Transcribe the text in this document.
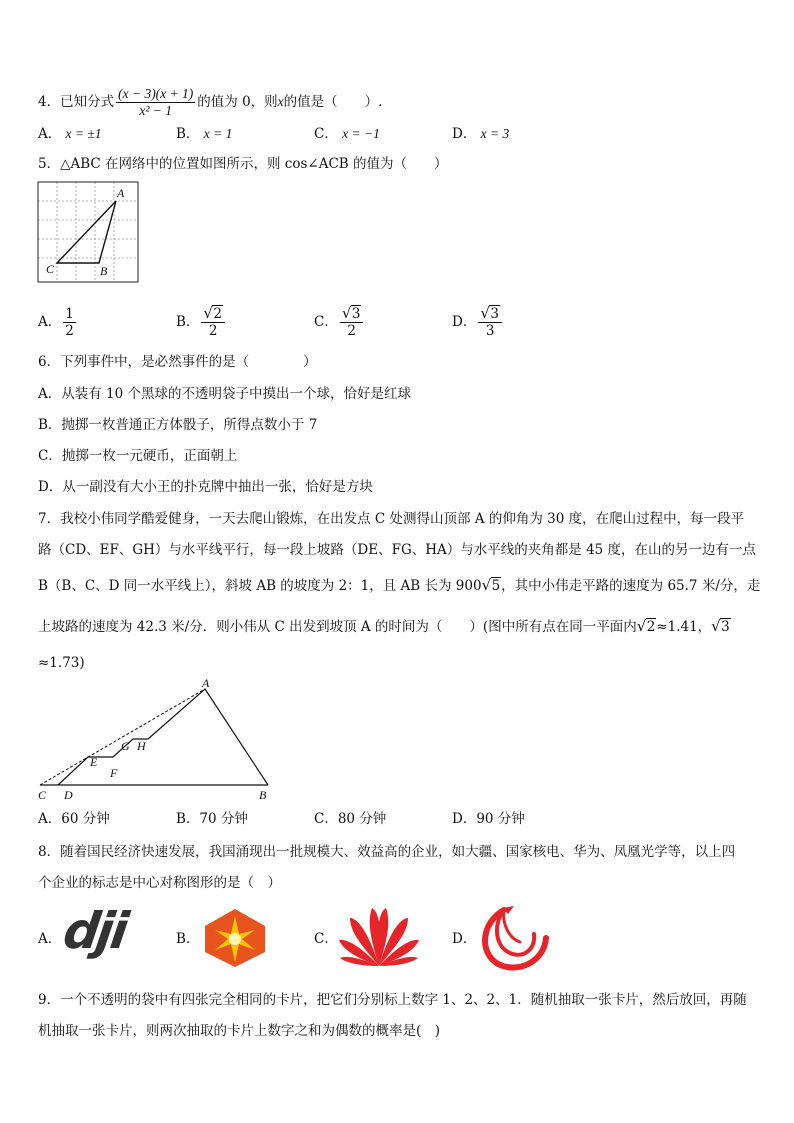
4．已知分式 $\frac{(x - 3)(x + 1)}{\text{x² − 1}}$ 的值为 0，则x的值是（　　）.
A． x = ±1	B． x = 1	C． x = −1	D． x = 3
5．△ABC 在网络中的位置如图所示，则 cos∠ACB 的值为（　　）
A
B
C
A． $\frac{1}{2}$	B． √ $\frac{2}{2}$	C． √ $\frac{3}{2}$	D． √ $\frac{3}{3}$
6．下列事件中，是必然事件的是（　　　　）
A．从装有 10 个黑球的不透明袋子中摸出一个球，恰好是红球
B．抛掷一枚普通正方体骰子，所得点数小于 7
C．抛掷一枚一元硬币，正面朝上
D．从一副没有大小王的扑克牌中抽出一张，恰好是方块
7．我校小伟同学酷爱健身，一天去爬山锻炼，在出发点 C 处测得山顶部 A 的仰角为 30 度，在爬山过程中，每一段平
路（CD、EF、GH）与水平线平行，每一段上坡路（DE、FG、HA）与水平线的夹角都是 45 度，在山的另一边有一点
B（B、C、D 同一水平线上），斜坡 AB 的坡度为 2：1，且 AB 长为 900 √ 5，其中小伟走平路的速度为 65.7 米/分，走
上坡路的速度为 42.3 米/分．则小伟从 C 出发到坡顶 A 的时间为（　　）(图中所有点在同一平面内 √ 2≈1.41， √ 3
≈1.73)
A
B
C D
E
F
G H
A．60 分钟	B．70 分钟	C．80 分钟	D．90 分钟
8．随着国民经济快速发展，我国涌现出一批规模大、效益高的企业，如大疆、国家核电、华为、凤凰光学等，以上四
个企业的标志是中心对称图形的是（　）
A．
dji	B．	C．	D．
9．一个不透明的袋中有四张完全相同的卡片，把它们分别标上数字 1、2、2、1．随机抽取一张卡片，然后放回，再随
机抽取一张卡片，则两次抽取的卡片上数字之和为偶数的概率是(　)
